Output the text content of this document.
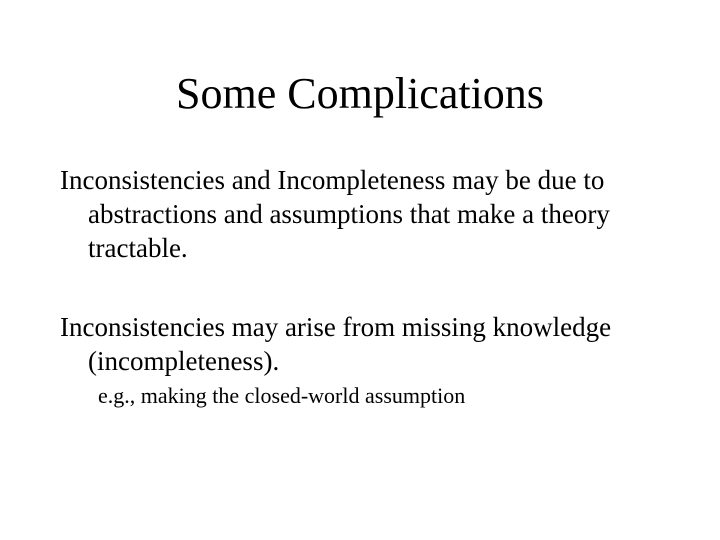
Some Complications

Inconsistencies and Incompleteness may be due to abstractions and assumptions that make a theory tractable.

Inconsistencies may arise from missing knowledge (incompleteness).

e.g., making the closed-world assumption
